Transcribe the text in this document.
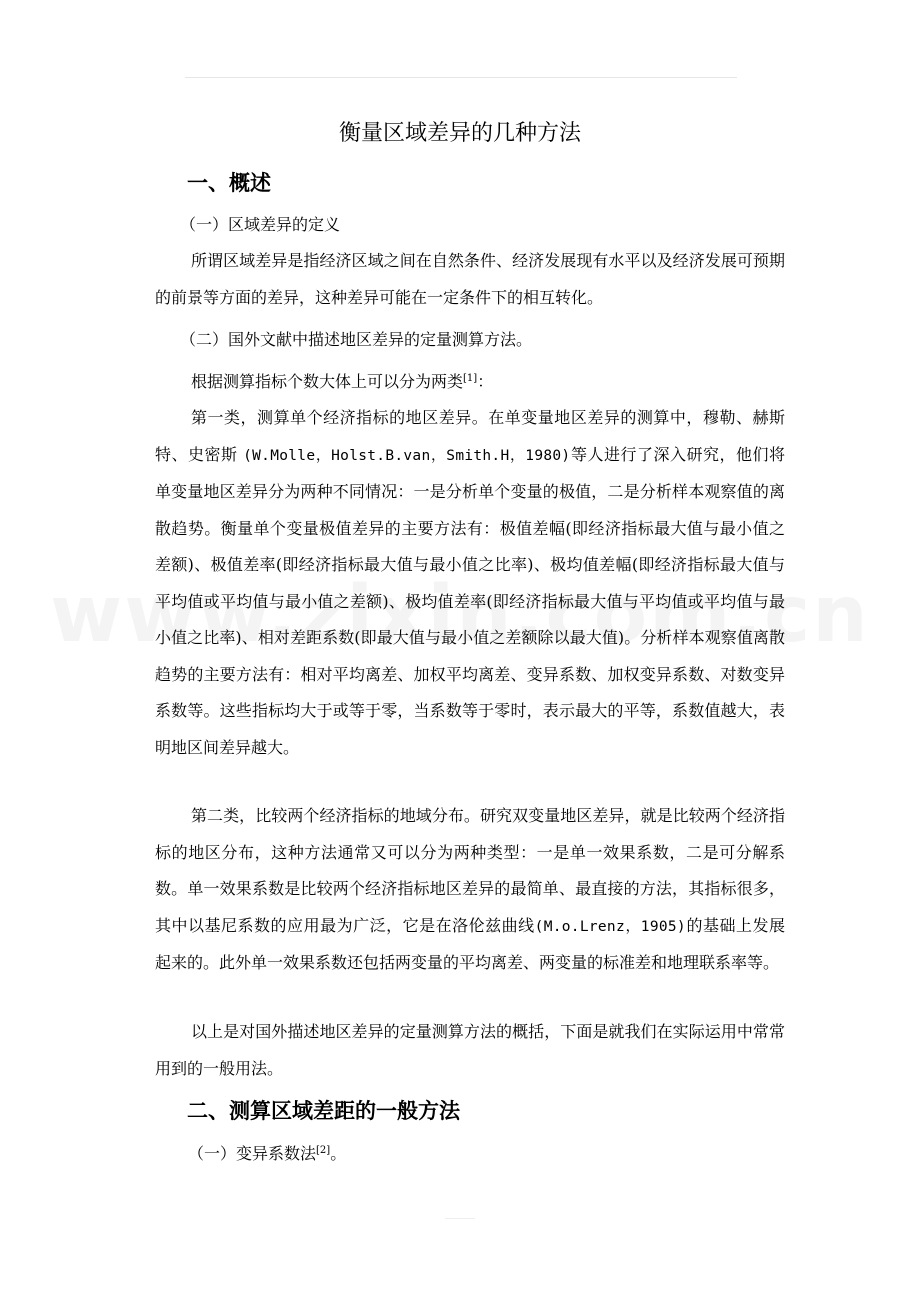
衡量区域差异的几种方法
一、概述
（一）区域差异的定义

所谓区域差异是指经济区域之间在自然条件、经济发展现有水平以及经济发展可预期的前景等方面的差异，这种差异可能在一定条件下的相互转化。

（二）国外文献中描述地区差异的定量测算方法。

根据测算指标个数大体上可以分为两类[1]：

第一类，测算单个经济指标的地区差异。在单变量地区差异的测算中，穆勒、赫斯特、史密斯 (W.Molle，Holst.B.van，Smith.H，1980)等人进行了深入研究，他们将单变量地区差异分为两种不同情况：一是分析单个变量的极值，二是分析样本观察值的离散趋势。衡量单个变量极值差异的主要方法有：极值差幅(即经济指标最大值与最小值之差额)、极值差率(即经济指标最大值与最小值之比率)、极均值差幅(即经济指标最大值与平均值或平均值与最小值之差额)、极均值差率(即经济指标最大值与平均值或平均值与最小值之比率)、相对差距系数(即最大值与最小值之差额除以最大值)。分析样本观察值离散趋势的主要方法有：相对平均离差、加权平均离差、变异系数、加权变异系数、对数变异系数等。这些指标均大于或等于零，当系数等于零时，表示最大的平等，系数值越大，表明地区间差异越大。

第二类，比较两个经济指标的地域分布。研究双变量地区差异，就是比较两个经济指标的地区分布，这种方法通常又可以分为两种类型：一是单一效果系数，二是可分解系数。单一效果系数是比较两个经济指标地区差异的最简单、最直接的方法，其指标很多，其中以基尼系数的应用最为广泛，它是在洛伦兹曲线(M.o.Lrenz，1905)的基础上发展起来的。此外单一效果系数还包括两变量的平均离差、两变量的标准差和地理联系率等。

以上是对国外描述地区差异的定量测算方法的概括，下面是就我们在实际运用中常常用到的一般用法。

二、测算区域差距的一般方法
（一）变异系数法[2]。
